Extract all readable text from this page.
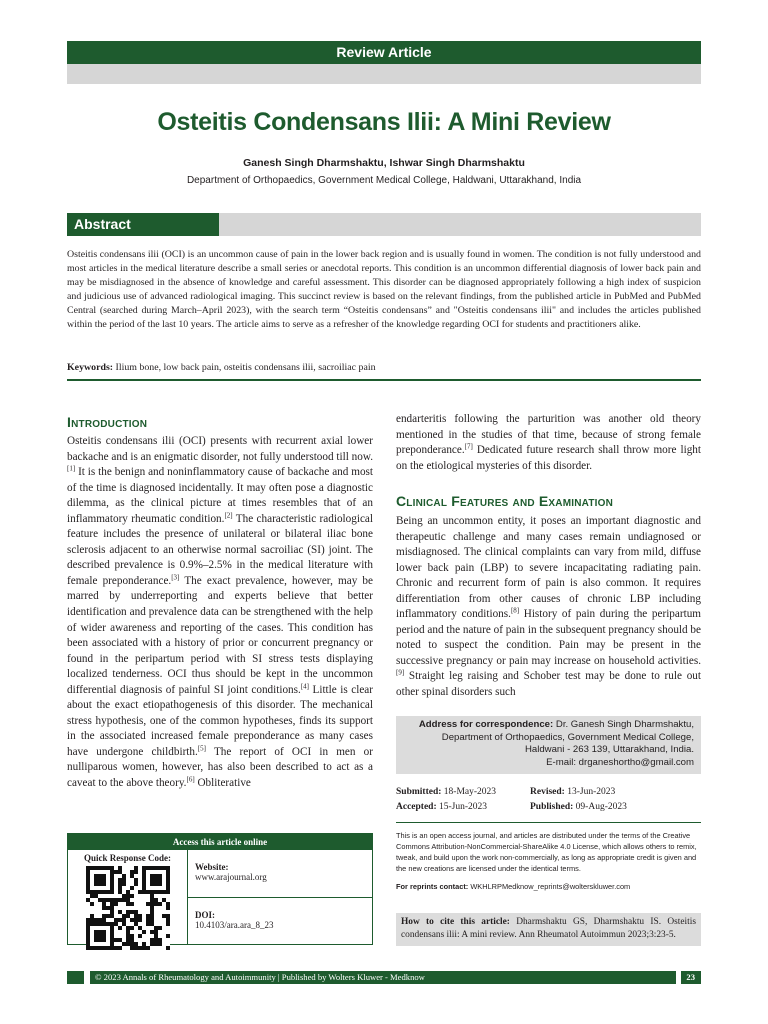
Review Article
Osteitis Condensans Ilii: A Mini Review
Ganesh Singh Dharmshaktu, Ishwar Singh Dharmshaktu
Department of Orthopaedics, Government Medical College, Haldwani, Uttarakhand, India
Abstract
Osteitis condensans ilii (OCI) is an uncommon cause of pain in the lower back region and is usually found in women. The condition is not fully understood and most articles in the medical literature describe a small series or anecdotal reports. This condition is an uncommon differential diagnosis of lower back pain and may be misdiagnosed in the absence of knowledge and careful assessment. This disorder can be diagnosed appropriately following a high index of suspicion and judicious use of advanced radiological imaging. This succinct review is based on the relevant findings, from the published article in PubMed and PubMed Central (searched during March–April 2023), with the search term “Osteitis condensans” and "Osteitis condensans ilii" and includes the articles published within the period of the last 10 years. The article aims to serve as a refresher of the knowledge regarding OCI for students and practitioners alike.
Keywords: Ilium bone, low back pain, osteitis condensans ilii, sacroiliac pain
Introduction

Osteitis condensans ilii (OCI) presents with recurrent axial lower backache and is an enigmatic disorder, not fully understood till now.[1] It is the benign and noninflammatory cause of backache and most of the time is diagnosed incidentally. It may often pose a diagnostic dilemma, as the clinical picture at times resembles that of an inflammatory rheumatic condition.[2] The characteristic radiological feature includes the presence of unilateral or bilateral iliac bone sclerosis adjacent to an otherwise normal sacroiliac (SI) joint. The described prevalence is 0.9%–2.5% in the medical literature with female preponderance.[3] The exact prevalence, however, may be marred by underreporting and experts believe that better identification and prevalence data can be strengthened with the help of wider awareness and reporting of the cases. This condition has been associated with a history of prior or concurrent pregnancy or found in the peripartum period with SI stress tests displaying localized tenderness. OCI thus should be kept in the uncommon differential diagnosis of painful SI joint conditions.[4] Little is clear about the exact etiopathogenesis of this disorder. The mechanical stress hypothesis, one of the common hypotheses, finds its support in the associated increased female preponderance as many cases have undergone childbirth.[5] The report of OCI in men or nulliparous women, however, has also been described to act as a caveat to the above theory.[6] Obliterative

Access this article online
Quick Response Code:
Website:
www.arajournal.org
DOI:
10.4103/ara.ara_8_23

endarteritis following the parturition was another old theory mentioned in the studies of that time, because of strong female preponderance.[7] Dedicated future research shall throw more light on the etiological mysteries of this disorder.

Clinical Features and Examination

Being an uncommon entity, it poses an important diagnostic and therapeutic challenge and many cases remain undiagnosed or misdiagnosed. The clinical complaints can vary from mild, diffuse lower back pain (LBP) to severe incapacitating radiating pain. Chronic and recurrent form of pain is also common. It requires differentiation from other causes of chronic LBP including inflammatory conditions.[8] History of pain during the peripartum period and the nature of pain in the subsequent pregnancy should be noted to suspect the condition. Pain may be present in the successive pregnancy or pain may increase on household activities.[9] Straight leg raising and Schober test may be done to rule out other spinal disorders such

Address for correspondence: Dr. Ganesh Singh Dharmshaktu,
Department of Orthopaedics, Government Medical College,
Haldwani - 263 139, Uttarakhand, India.
E-mail: drganeshortho@gmail.com
Submitted: 18-May-2023	Revised: 13-Jun-2023
Accepted: 15-Jun-2023	Published: 09-Aug-2023
This is an open access journal, and articles are distributed under the terms of the Creative Commons Attribution-NonCommercial-ShareAlike 4.0 License, which allows others to remix, tweak, and build upon the work non-commercially, as long as appropriate credit is given and the new creations are licensed under the identical terms.
For reprints contact: WKHLRPMedknow_reprints@wolterskluwer.com
How to cite this article: Dharmshaktu GS, Dharmshaktu IS. Osteitis condensans ilii: A mini review. Ann Rheumatol Autoimmun 2023;3:23-5.
© 2023 Annals of Rheumatology and Autoimmunity | Published by Wolters Kluwer - Medknow	23
